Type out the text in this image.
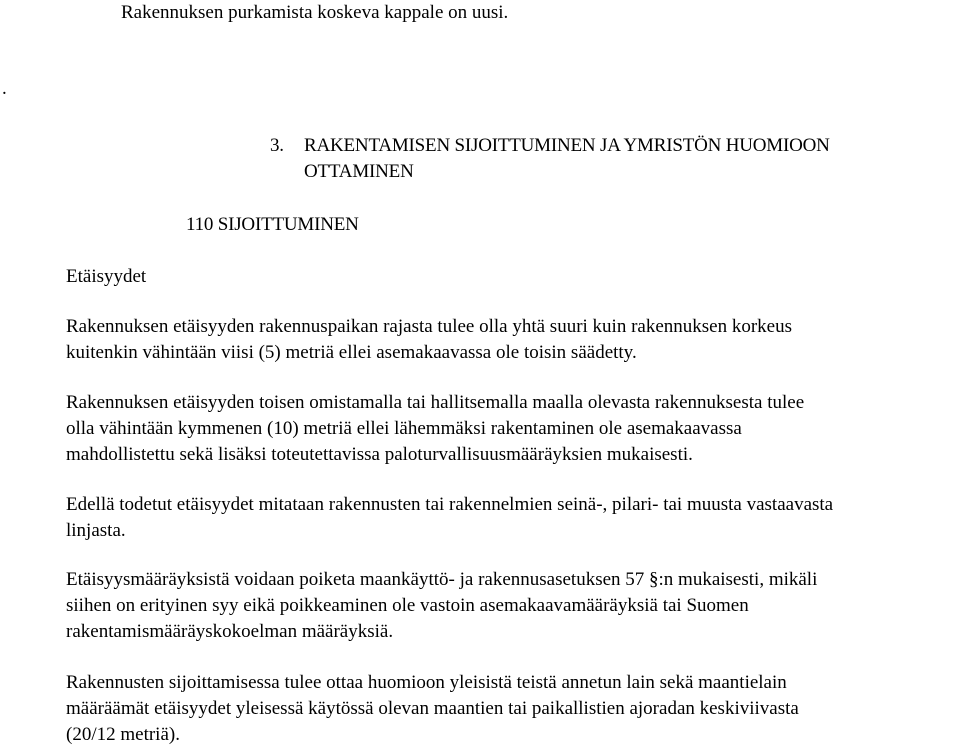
Rakennuksen purkamista koskeva kappale on uusi.
.
3. RAKENTAMISEN SIJOITTUMINEN JA YMRISTÖN HUOMIOON
OTTAMINEN
110 SIJOITTUMINEN
Etäisyydet
Rakennuksen etäisyyden rakennuspaikan rajasta tulee olla yhtä suuri kuin rakennuksen korkeus
kuitenkin vähintään viisi (5) metriä ellei asemakaavassa ole toisin säädetty.
Rakennuksen etäisyyden toisen omistamalla tai hallitsemalla maalla olevasta rakennuksesta tulee
olla vähintään kymmenen (10) metriä ellei lähemmäksi rakentaminen ole asemakaavassa
mahdollistettu sekä lisäksi toteutettavissa paloturvallisuusmääräyksien mukaisesti.
Edellä todetut etäisyydet mitataan rakennusten tai rakennelmien seinä-, pilari- tai muusta vastaavasta
linjasta.
Etäisyysmääräyksistä voidaan poiketa maankäyttö- ja rakennusasetuksen 57 §:n mukaisesti, mikäli
siihen on erityinen syy eikä poikkeaminen ole vastoin asemakaavamääräyksiä tai Suomen
rakentamismääräyskokoelman määräyksiä.
Rakennusten sijoittamisessa tulee ottaa huomioon yleisistä teistä annetun lain sekä maantielain
määräämät etäisyydet yleisessä käytössä olevan maantien tai paikallistien ajoradan keskiviivasta
(20/12 metriä).
